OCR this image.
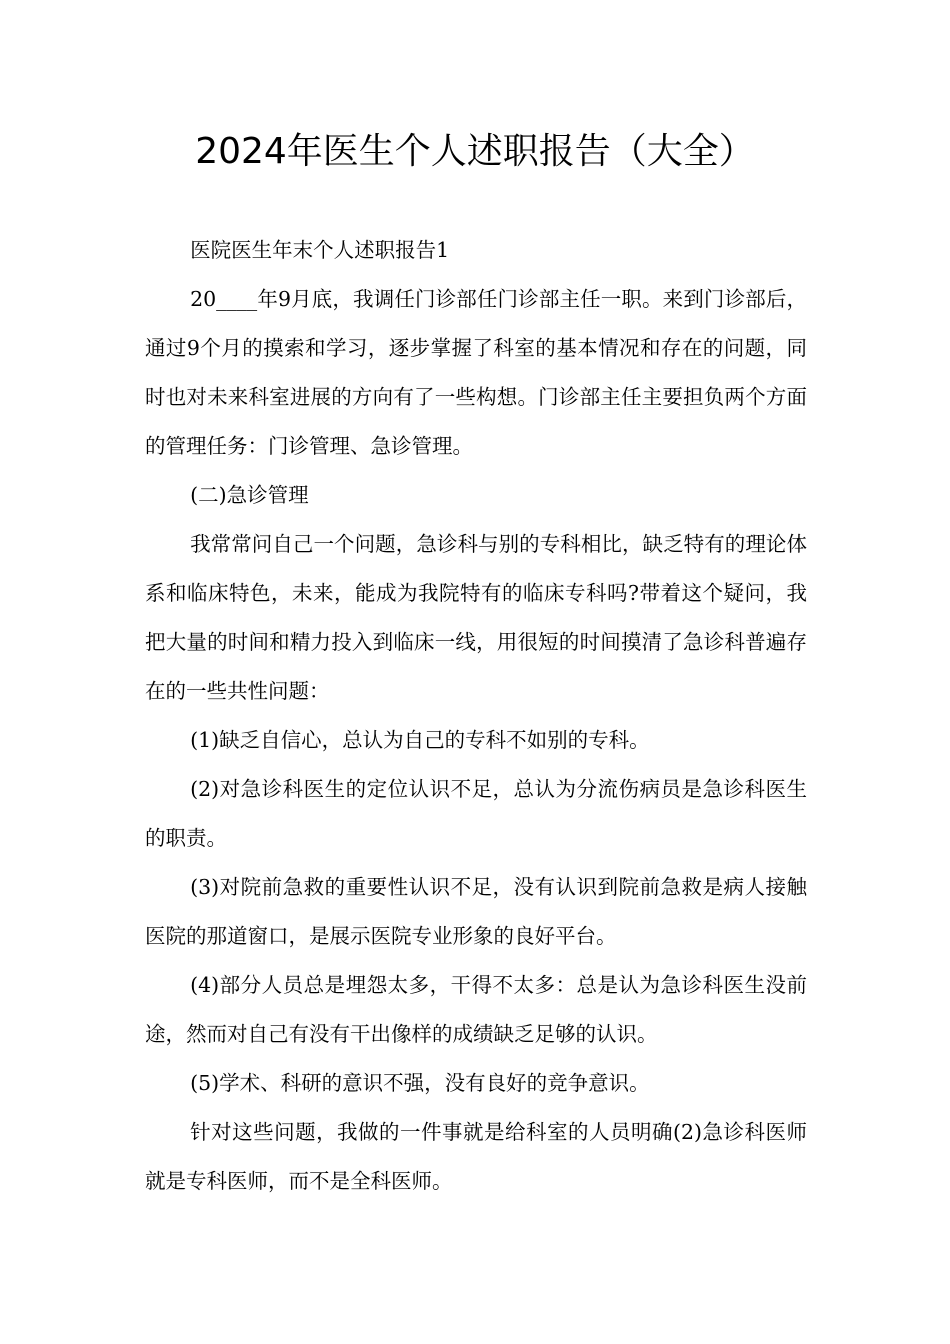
2024年医生个人述职报告（大全）

医院医生年末个人述职报告1

20____年9月底，我调任门诊部任门诊部主任一职。来到门诊部后，通过9个月的摸索和学习，逐步掌握了科室的基本情况和存在的问题，同时也对未来科室进展的方向有了一些构想。门诊部主任主要担负两个方面的管理任务：门诊管理、急诊管理。

(二)急诊管理

我常常问自己一个问题，急诊科与别的专科相比，缺乏特有的理论体系和临床特色，未来，能成为我院特有的临床专科吗?带着这个疑问，我把大量的时间和精力投入到临床一线，用很短的时间摸清了急诊科普遍存在的一些共性问题：

(1)缺乏自信心，总认为自己的专科不如别的专科。

(2)对急诊科医生的定位认识不足，总认为分流伤病员是急诊科医生的职责。

(3)对院前急救的重要性认识不足，没有认识到院前急救是病人接触医院的那道窗口，是展示医院专业形象的良好平台。

(4)部分人员总是埋怨太多，干得不太多：总是认为急诊科医生没前途，然而对自己有没有干出像样的成绩缺乏足够的认识。

(5)学术、科研的意识不强，没有良好的竞争意识。

针对这些问题，我做的一件事就是给科室的人员明确(2)急诊科医师就是专科医师，而不是全科医师。
